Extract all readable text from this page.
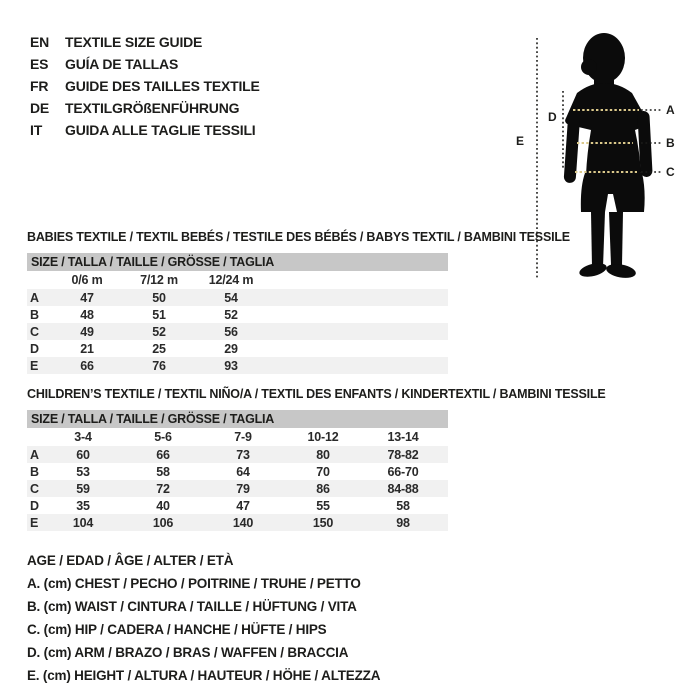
EN	TEXTILE SIZE GUIDE
ES	GUÍA DE TALLAS
FR	GUIDE DES TAILLES TEXTILE
DE	TEXTILGRÖßENFÜHRUNG
IT	GUIDA ALLE TAGLIE TESSILI
A
B
C
D
E
BABIES TEXTILE / TEXTIL BEBÉS / TESTILE DES BÉBÉS / BABYS TEXTIL / BAMBINI TESSILE
SIZE / TALLA / TAILLE / GRÖSSE / TAGLIA
	0/6 m	7/12 m	12/24 m	
A	47	50	54	
B	48	51	52	
C	49	52	56	
D	21	25	29	
E	66	76	93	
CHILDREN’S TEXTILE / TEXTIL NIÑO/A / TEXTIL DES ENFANTS / KINDERTEXTIL / BAMBINI TESSILE
SIZE / TALLA / TAILLE / GRÖSSE / TAGLIA
	3-4	5-6	7-9	10-12	13-14	
A	60	66	73	80	78-82	
B	53	58	64	70	66-70	
C	59	72	79	86	84-88	
D	35	40	47	55	58	
E	104	106	140	150	98	
AGE / EDAD / ÂGE / ALTER / ETÀ
A. (cm) CHEST / PECHO / POITRINE / TRUHE / PETTO
B. (cm) WAIST / CINTURA / TAILLE / HÜFTUNG / VITA
C. (cm) HIP / CADERA / HANCHE / HÜFTE / HIPS
D. (cm) ARM / BRAZO / BRAS / WAFFEN / BRACCIA
E. (cm) HEIGHT / ALTURA / HAUTEUR / HÖHE / ALTEZZA
